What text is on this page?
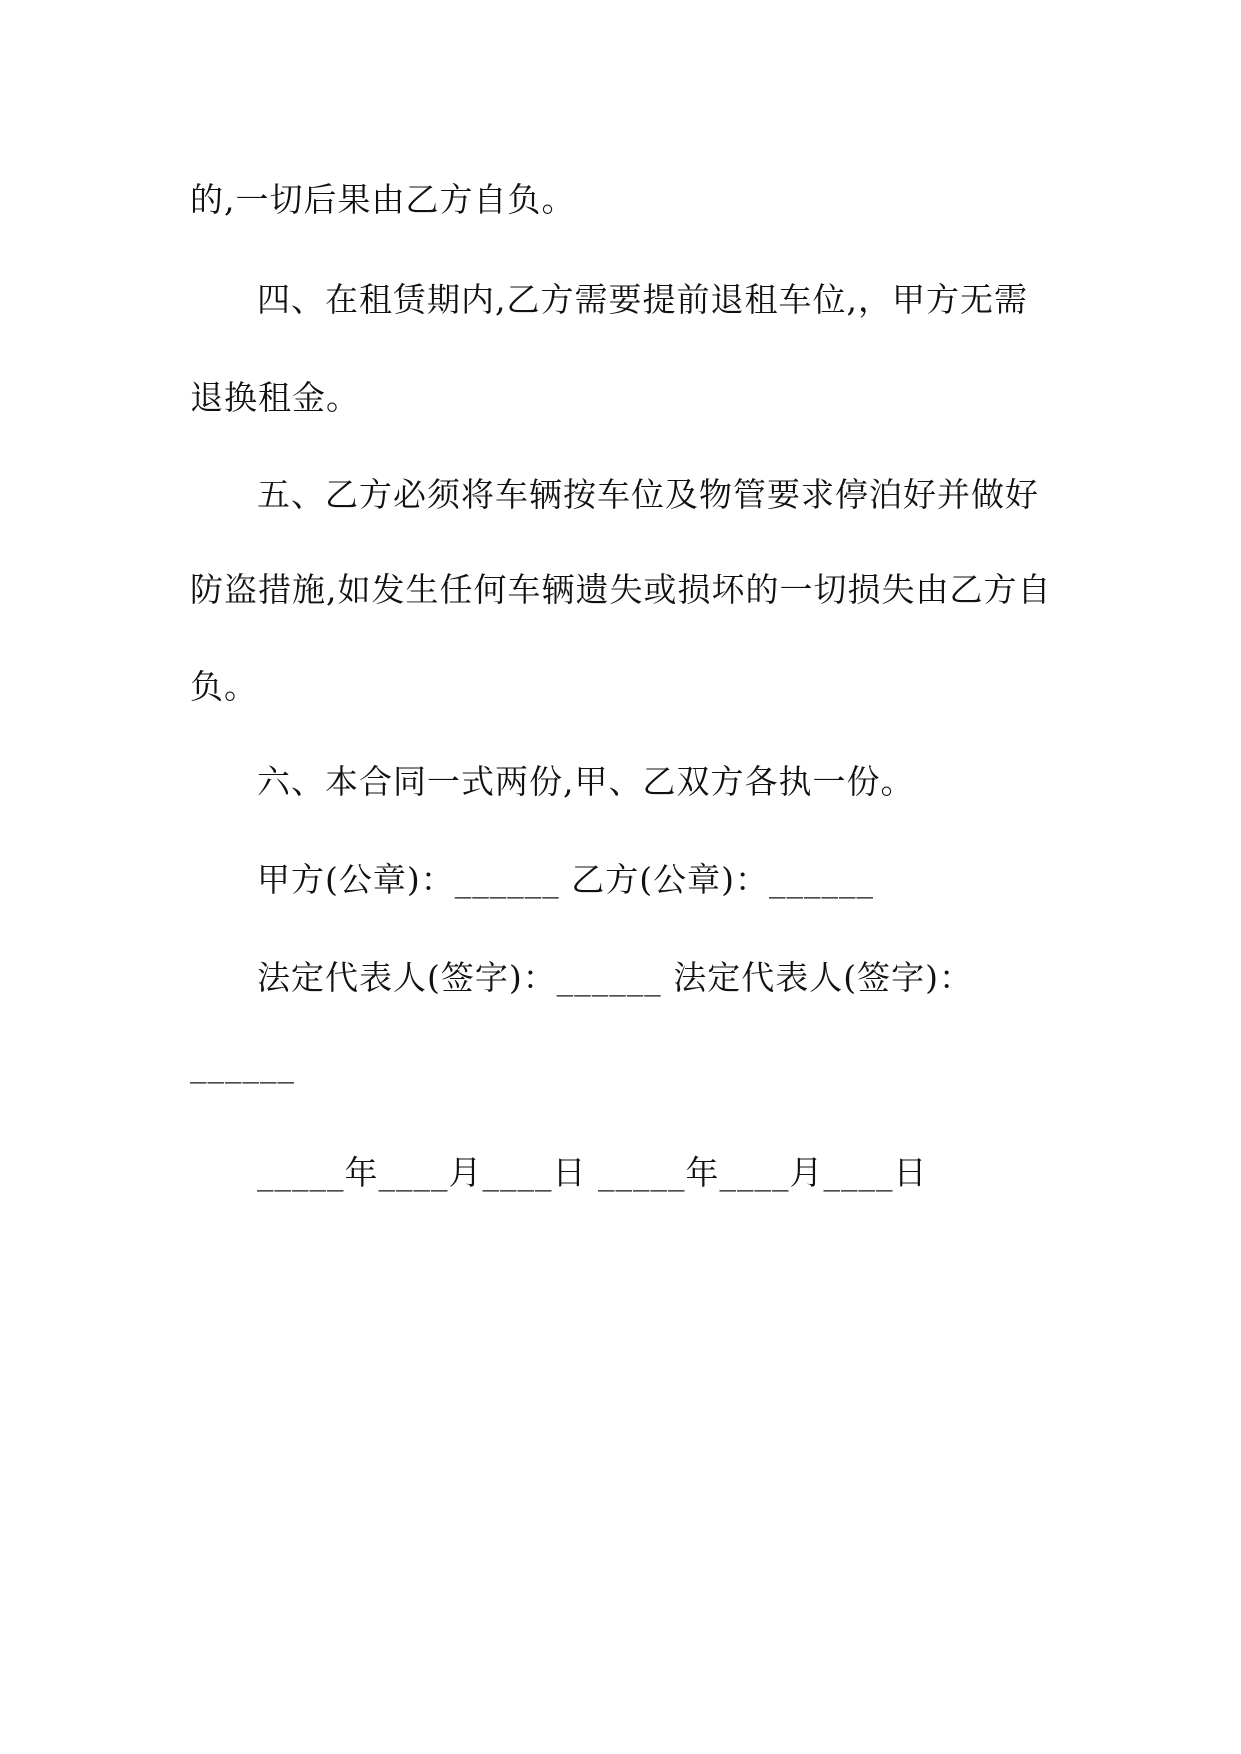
的,一切后果由乙方自负。
四、在租赁期内,乙方需要提前退租车位,，甲方无需
退换租金。
五、乙方必须将车辆按车位及物管要求停泊好并做好
防盗措施,如发生任何车辆遗失或损坏的一切损失由乙方自
负。
六、本合同一式两份,甲、乙双方各执一份。
甲方(公章)：______ 乙方(公章)：______
法定代表人(签字)：______ 法定代表人(签字)：
______
_____年____月____日 _____年____月____日
